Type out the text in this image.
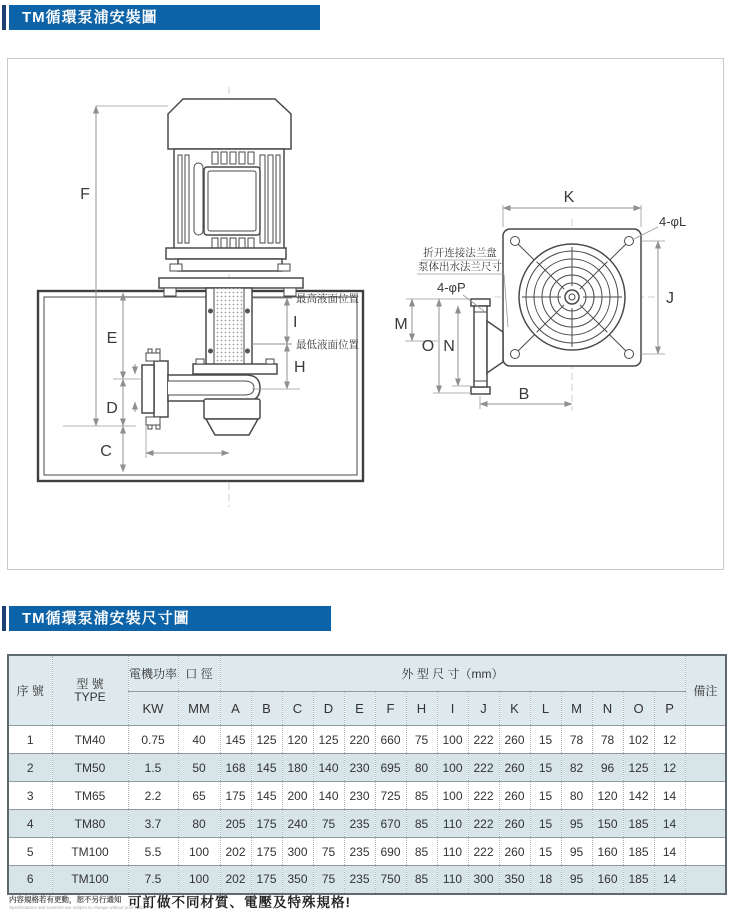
TM循環泵浦安裝圖
F
E
D
C
最高液面位置
I
最低液面位置
H
K
4-φL
J
折开连接法兰盘
泵体出水法兰尺寸
4-φP
M
O N
B
TM循環泵浦安裝尺寸圖
序 號	型 號
TYPE	電機功率	口 徑	外 型 尺 寸（mm）															備注
		KW	MM	A	B	C	D	E	F	H	I	J	K	L	M	N	O	P	
1	TM40	0.75	40	145	125	120	125	220	660	75	100	222	260	15	78	78	102	12	
2	TM50	1.5	50	168	145	180	140	230	695	80	100	222	260	15	82	96	125	12	
3	TM65	2.2	65	175	145	200	140	230	725	85	100	222	260	15	80	120	142	14	
4	TM80	3.7	80	205	175	240	75	235	670	85	110	222	260	15	95	150	185	14	
5	TM100	5.5	100	202	175	300	75	235	690	85	110	222	260	15	95	160	185	14	
6	TM100	7.5	100	202	175	350	75	235	750	85	110	300	350	18	95	160	185	14	
内容規格若有更動，恕不另行通知
Specifications and contents are subject to change without prior notice.
可訂做不同材質、電壓及特殊規格!
